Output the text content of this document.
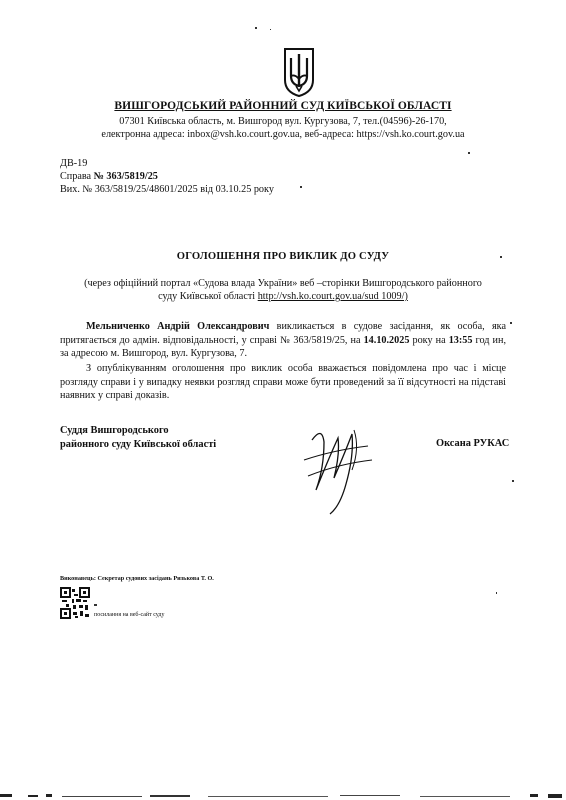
ВИШГОРОДСЬКИЙ РАЙОННИЙ СУД КИЇВСЬКОЇ ОБЛАСТІ
07301 Київська область, м. Вишгород вул. Кургузова, 7, тел.(04596)-26-170,
електронна адреса: inbox@vsh.ko.court.gov.ua, веб-адреса: https://vsh.ko.court.gov.ua
ДВ-19
Справа № 363/5819/25
Вих. № 363/5819/25/48601/2025 від 03.10.25 року
ОГОЛОШЕННЯ ПРО ВИКЛИК ДО СУДУ
(через офіційний портал «Судова влада України» веб –сторінки Вишгородського районного
суду Київської області http://vsh.ko.court.gov.ua/sud 1009/)
Мельниченко Андрій Олександрович викликається в судове засідання, як особа, яка притягається до адмін. відповідальності, у справі № 363/5819/25, на 14.10.2025 року на 13:55 год ин, за адресою м. Вишгород, вул. Кургузова, 7.
З опублікуванням оголошення про виклик особа вважається повідомлена про час і місце розгляду справи і у випадку неявки розгляд справи може бути проведений за її відсутності на підставі наявних у справі доказів.
Суддя Вишгородського
районного суду Київської області	Оксана РУКАС
Виконавець: Секретар судових засідань Ризькова Т. О.
посилання на веб-сайт суду
